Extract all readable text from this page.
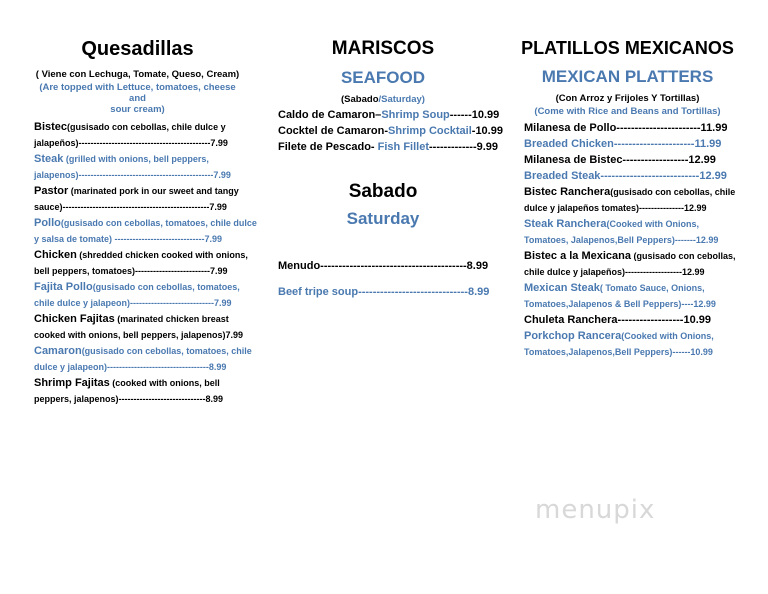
Quesadillas
( Viene con Lechuga, Tomate, Queso, Cream)
(Are topped with Lettuce, tomatoes, cheese and
sour cream)
Bistec(gusisado con cebollas, chile dulce y
jalapeños)--------------------------------------------7.99
Steak (grilled with onions, bell peppers,
jalapenos)---------------------------------------------7.99
Pastor (marinated pork in our sweet and tangy
sauce)-------------------------------------------------7.99
Pollo(gusisado con cebollas, tomatoes, chile dulce
y salsa de tomate) ------------------------------7.99
Chicken (shredded chicken cooked with onions,
bell peppers, tomatoes)-------------------------7.99
Fajita Pollo(gusisado con cebollas, tomatoes,
chile dulce y jalapeon)----------------------------7.99
Chicken Fajitas (marinated chicken breast
cooked with onions, bell peppers, jalapenos)7.99
Camaron(gusisado con cebollas, tomatoes, chile
dulce y jalapeon)----------------------------------8.99
Shrimp Fajitas (cooked with onions, bell
peppers, jalapenos)-----------------------------8.99
MARISCOS
SEAFOOD
(Sabado/Saturday)
Caldo de Camaron–Shrimp Soup------10.99
Cocktel de Camaron-Shrimp Cocktail-10.99
Filete de Pescado- Fish Fillet-------------9.99
Sabado
Saturday
Menudo----------------------------------------8.99
Beef tripe soup------------------------------8.99
PLATILLOS MEXICANOS
MEXICAN PLATTERS
(Con Arroz y Frijoles Y Tortillas)
(Come with Rice and Beans and Tortillas)
Milanesa de Pollo-----------------------11.99
Breaded Chicken----------------------11.99
Milanesa de Bistec------------------12.99
Breaded Steak---------------------------12.99
Bistec Ranchera(gusisado con cebollas, chile
dulce y jalapeños tomates)---------------12.99
Steak Ranchera(Cooked with Onions,
Tomatoes, Jalapenos,Bell Peppers)-------12.99
Bistec a la Mexicana (gusisado con cebollas,
chile dulce y jalapeños)-------------------12.99
Mexican Steak( Tomato Sauce, Onions,
Tomatoes,Jalapenos & Bell Peppers)----12.99
Chuleta Ranchera------------------10.99
Porkchop Rancera(Cooked with Onions,
Tomatoes,Jalapenos,Bell Peppers)------10.99
menupix
